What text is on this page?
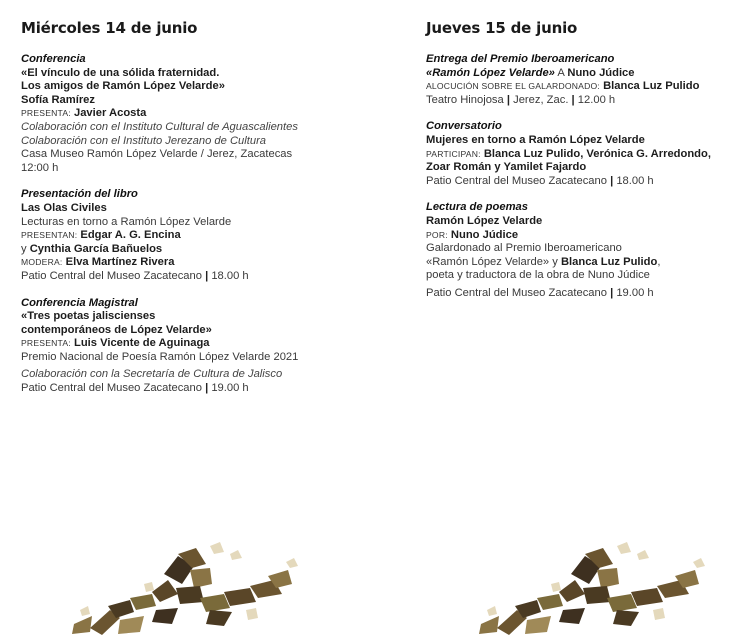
Miércoles 14 de junio
Conferencia
«El vínculo de una sólida fraternidad.
Los amigos de Ramón López Velarde»
Sofía Ramírez
PRESENTA: Javier Acosta
Colaboración con el Instituto Cultural de Aguascalientes
Colaboración con el Instituto Jerezano de Cultura
Casa Museo Ramón López Velarde / Jerez, Zacatecas
12:00 h
Presentación del libro
Las Olas Civiles
Lecturas en torno a Ramón López Velarde
PRESENTAN: Edgar A. G. Encina
y Cynthia García Bañuelos
MODERA: Elva Martínez Rivera
Patio Central del Museo Zacatecano | 18.00 h
Conferencia Magistral
«Tres poetas jaliscienses
contemporáneos de López Velarde»
PRESENTA: Luis Vicente de Aguinaga
Premio Nacional de Poesía Ramón López Velarde 2021
Colaboración con la Secretaría de Cultura de Jalisco
Patio Central del Museo Zacatecano | 19.00 h
Jueves 15 de junio
Entrega del Premio Iberoamericano
«Ramón López Velarde» A Nuno Júdice
ALOCUCIÓN SOBRE EL GALARDONADO: Blanca Luz Pulido
Teatro Hinojosa | Jerez, Zac. | 12.00 h
Conversatorio
Mujeres en torno a Ramón López Velarde
PARTICIPAN: Blanca Luz Pulido, Verónica G. Arredondo,
Zoar Román y Yamilet Fajardo
Patio Central del Museo Zacatecano | 18.00 h
Lectura de poemas
Ramón López Velarde
POR: Nuno Júdice
Galardonado al Premio Iberoamericano
«Ramón López Velarde» y Blanca Luz Pulido,
poeta y traductora de la obra de Nuno Júdice
Patio Central del Museo Zacatecano | 19.00 h
